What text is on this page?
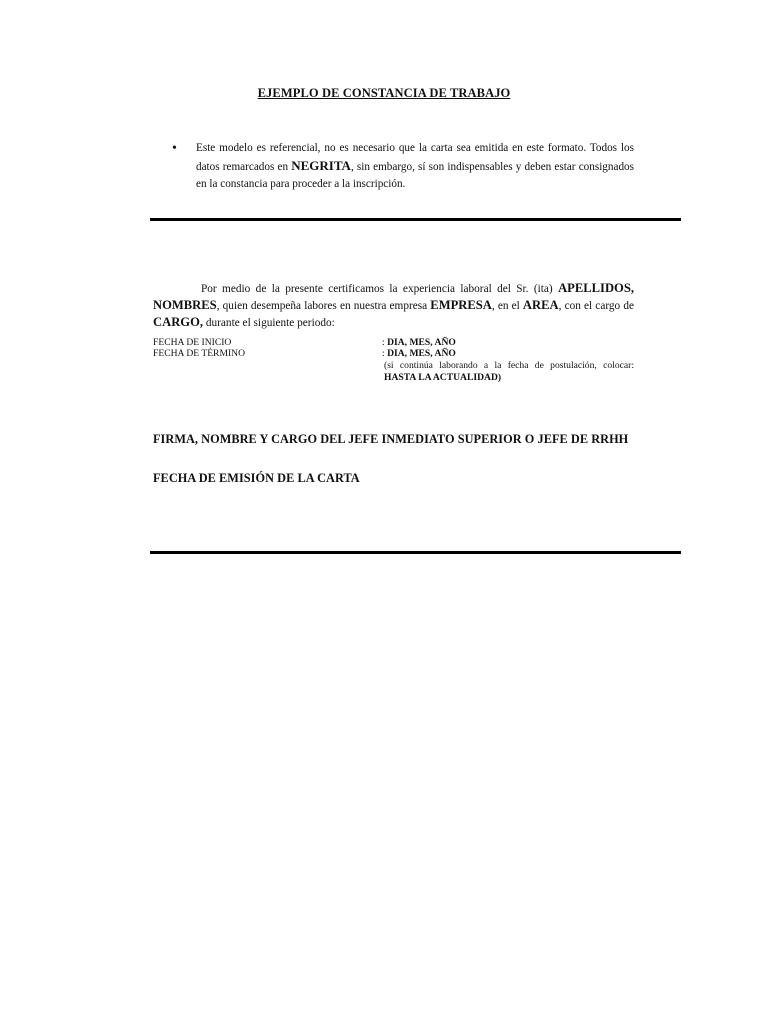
EJEMPLO DE CONSTANCIA DE TRABAJO
• Este modelo es referencial, no es necesario que la carta sea emitida en este formato. Todos los datos remarcados en NEGRITA, sin embargo, sí son indispensables y deben estar consignados en la constancia para proceder a la inscripción.
Por medio de la presente certificamos la experiencia laboral del Sr. (ita) APELLIDOS, NOMBRES, quien desempeña labores en nuestra empresa EMPRESA, en el AREA, con el cargo de CARGO, durante el siguiente periodo:
FECHA DE INICIO	: DIA, MES, AÑO
FECHA DE TÉRMINO	: DIA, MES, AÑO
(si continúa laborando a la fecha de postulación, colocar: HASTA LA ACTUALIDAD)
FIRMA, NOMBRE Y CARGO DEL JEFE INMEDIATO SUPERIOR O JEFE DE RRHH
FECHA DE EMISIÓN DE LA CARTA
